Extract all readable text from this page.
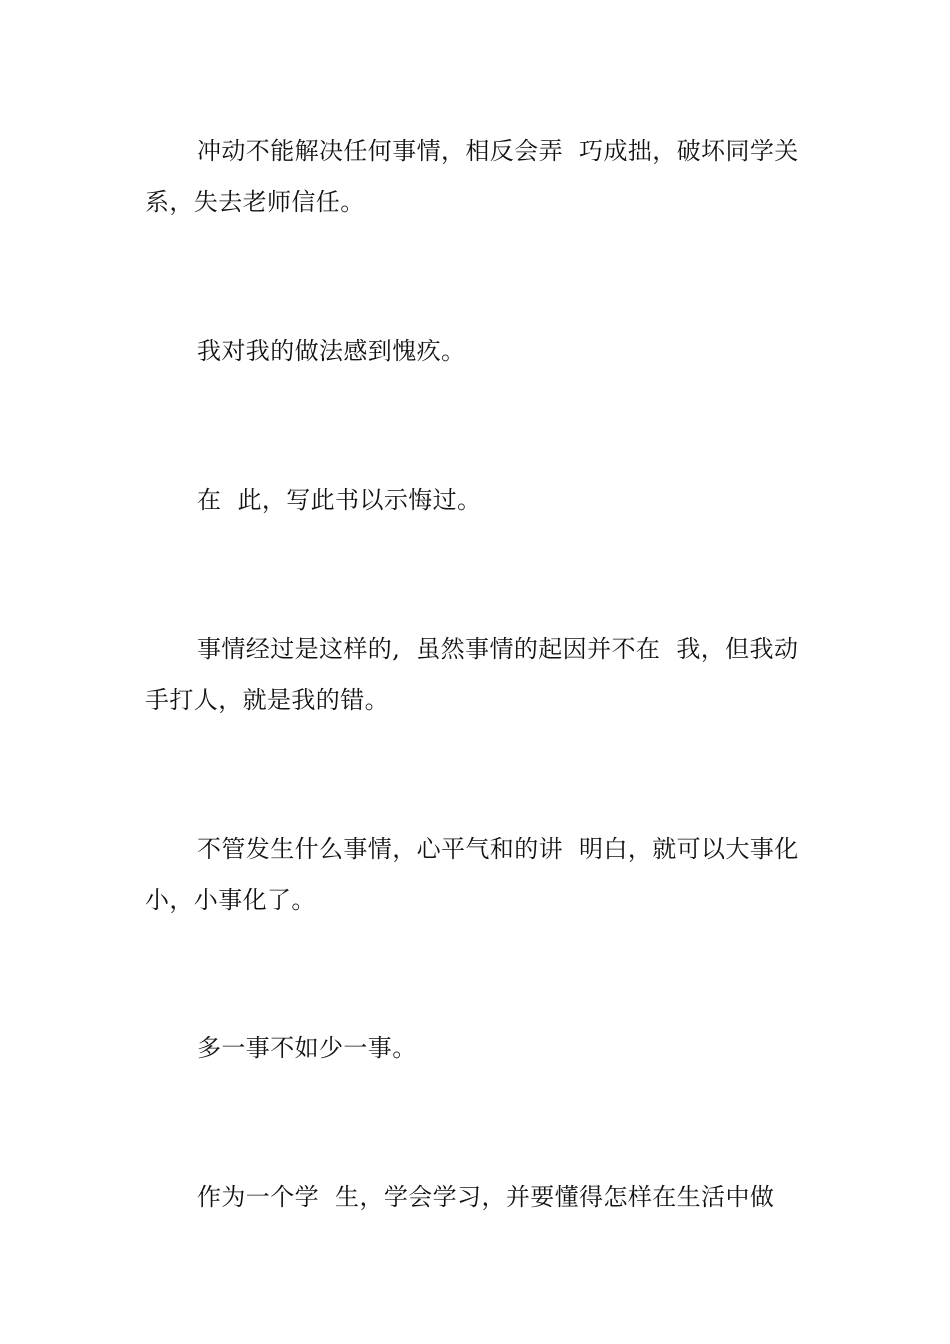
冲动不能解决任何事情，相反会弄  巧成拙，破坏同学关系，失去老师信任。

我对我的做法感到愧疚。

在  此，写此书以示悔过。

事情经过是这样的,  虽然事情的起因并不在  我，但我动手打人，就是我的错。

不管发生什么事情，心平气和的讲  明白，就可以大事化小，小事化了。

多一事不如少一事。

作为一个学  生，学会学习，并要懂得怎样在生活中做
